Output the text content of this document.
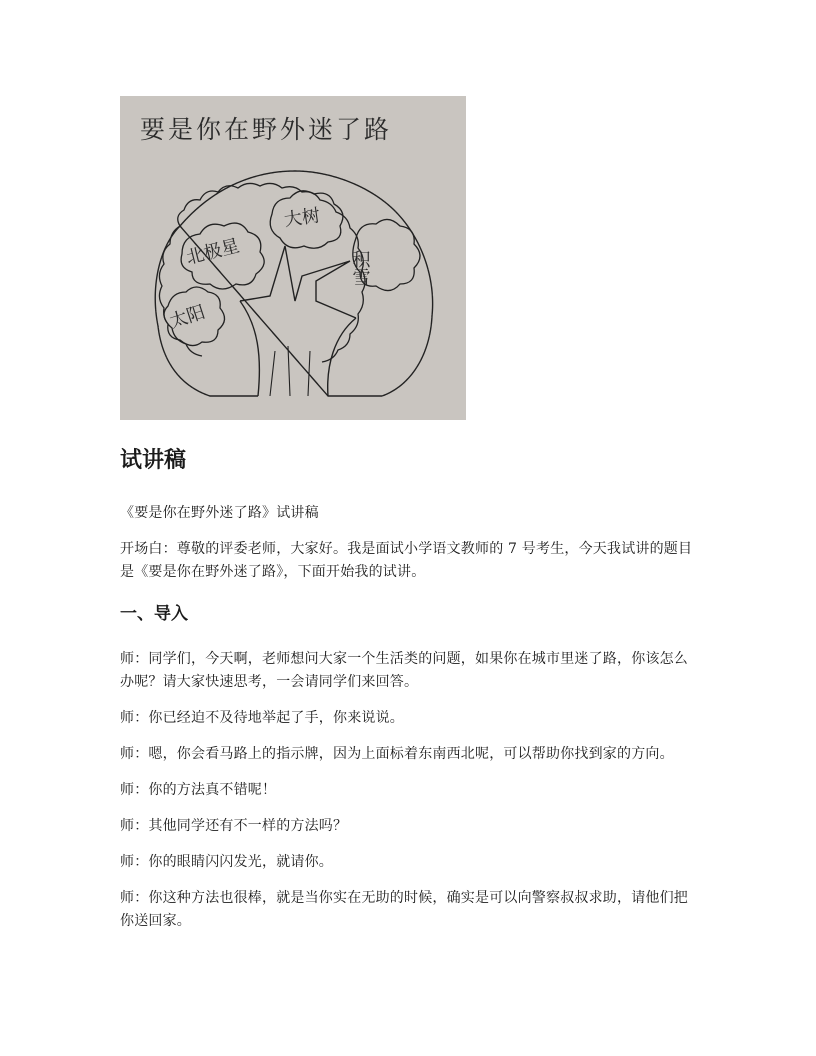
要是你在野外迷了路
北极星
大树
积雪
太阳
试讲稿

《要是你在野外迷了路》试讲稿

开场白：尊敬的评委老师，大家好。我是面试小学语文教师的 7 号考生，今天我试讲的题目是《要是你在野外迷了路》，下面开始我的试讲。

一、导入

师：同学们，今天啊，老师想问大家一个生活类的问题，如果你在城市里迷了路，你该怎么办呢？请大家快速思考，一会请同学们来回答。

师：你已经迫不及待地举起了手，你来说说。

师：嗯，你会看马路上的指示牌，因为上面标着东南西北呢，可以帮助你找到家的方向。

师：你的方法真不错呢！

师：其他同学还有不一样的方法吗？

师：你的眼睛闪闪发光，就请你。

师：你这种方法也很棒，就是当你实在无助的时候，确实是可以向警察叔叔求助，请他们把你送回家。
